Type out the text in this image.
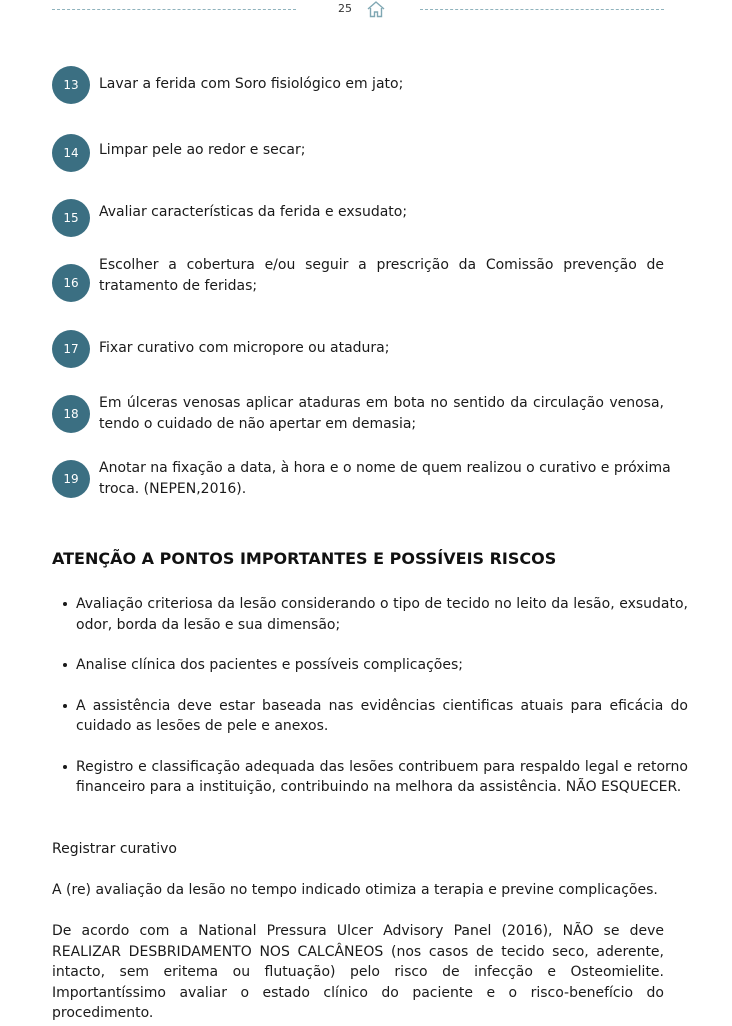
25
13	Lavar a ferida com Soro fisiológico em jato;
14	Limpar pele ao redor e secar;
15	Avaliar características da ferida e exsudato;
16
Escolher a cobertura e/ou seguir a prescrição da Comissão prevenção de tratamento de feridas;
17	Fixar curativo com micropore ou atadura;
18
Em úlceras venosas aplicar ataduras em bota no sentido da circulação venosa, tendo o cuidado de não apertar em demasia;
19
Anotar na fixação a data, à hora e o nome de quem realizou o curativo e próxima troca. (NEPEN,2016).
ATENÇÃO A PONTOS IMPORTANTES E POSSÍVEIS RISCOS
Avaliação criteriosa da lesão considerando o tipo de tecido no leito da lesão, exsudato, odor, borda da lesão e sua dimensão;
Analise clínica dos pacientes e possíveis complicações;
A assistência deve estar baseada nas evidências cientificas atuais para eficácia do cuidado as lesões de pele e anexos.
Registro e classificação adequada das lesões contribuem para respaldo legal e retorno financeiro para a instituição, contribuindo na melhora da assistência. NÃO ESQUECER.
Registrar curativo
A (re) avaliação da lesão no tempo indicado otimiza a terapia e previne complicações.
De acordo com a National Pressura Ulcer Advisory Panel (2016), NÃO se deve REALIZAR DESBRIDAMENTO NOS CALCÂNEOS (nos casos de tecido seco, aderente, intacto, sem eritema ou flutuação) pelo risco de infecção e Osteomielite. Importantíssimo avaliar o estado clínico do paciente e o risco-benefício do procedimento.
